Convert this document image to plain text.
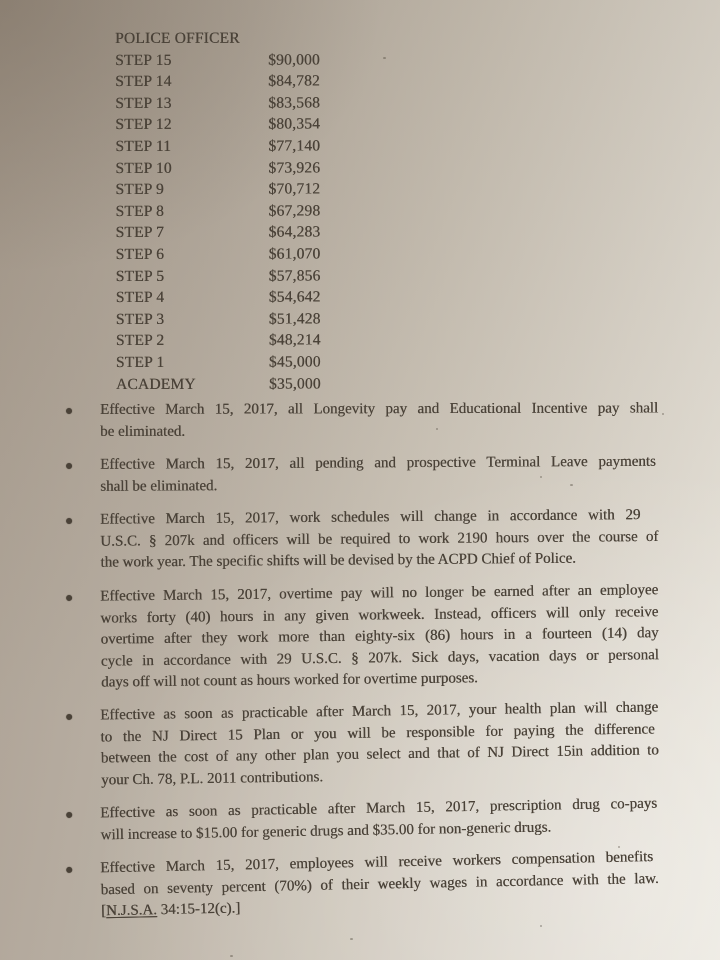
POLICE OFFICER
STEP 15	$90,000
STEP 14	$84,782
STEP 13	$83,568
STEP 12	$80,354
STEP 11	$77,140
STEP 10	$73,926
STEP 9	$70,712
STEP 8	$67,298
STEP 7	$64,283
STEP 6	$61,070
STEP 5	$57,856
STEP 4	$54,642
STEP 3	$51,428
STEP 2	$48,214
STEP 1	$45,000
ACADEMY	$35,000
Effective March 15, 2017, all Longevity pay and Educational Incentive pay shall
be eliminated.
Effective March 15, 2017, all pending and prospective Terminal Leave payments
shall be eliminated.
Effective March 15, 2017, work schedules will change in accordance with 29
U.S.C. § 207k and officers will be required to work 2190 hours over the course of
the work year. The specific shifts will be devised by the ACPD Chief of Police.
Effective March 15, 2017, overtime pay will no longer be earned after an employee
works forty (40) hours in any given workweek. Instead, officers will only receive
overtime after they work more than eighty-six (86) hours in a fourteen (14) day
cycle in accordance with 29 U.S.C. § 207k. Sick days, vacation days or personal
days off will not count as hours worked for overtime purposes.
Effective as soon as practicable after March 15, 2017, your health plan will change
to the NJ Direct 15 Plan or you will be responsible for paying the difference
between the cost of any other plan you select and that of NJ Direct 15in addition to
your Ch. 78, P.L. 2011 contributions.
Effective as soon as practicable after March 15, 2017, prescription drug co-pays
will increase to $15.00 for generic drugs and $35.00 for non-generic drugs.
Effective March 15, 2017, employees will receive workers compensation benefits
based on seventy percent (70%) of their weekly wages in accordance with the law.
[N.J.S.A. 34:15-12(c).]
